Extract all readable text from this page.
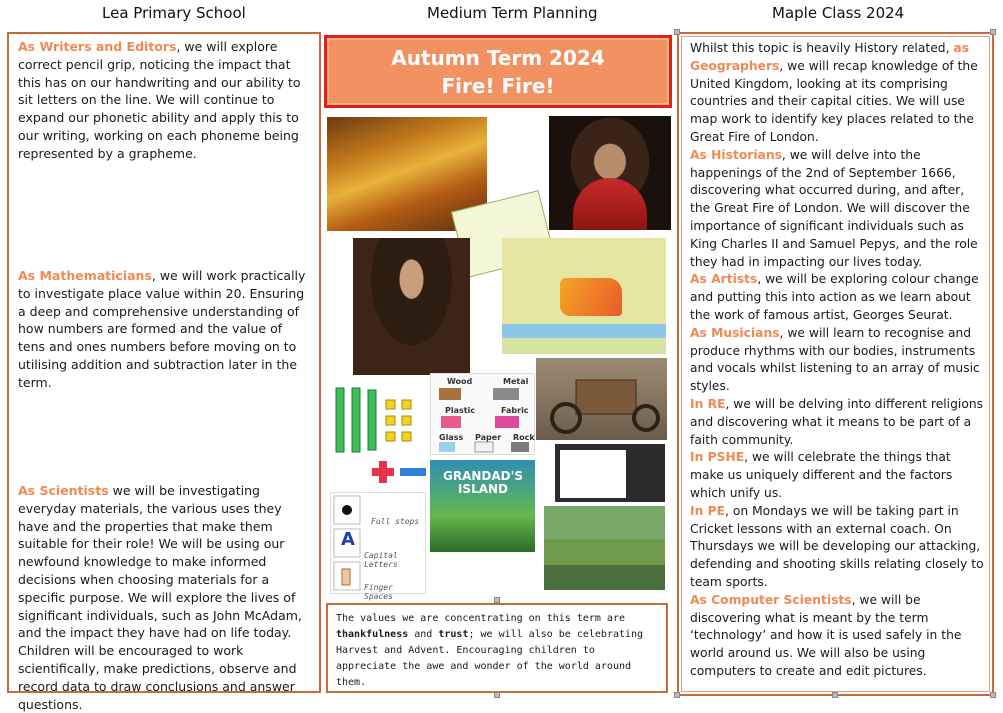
Lea Primary School	Medium Term Planning	Maple Class 2024
As Writers and Editors, we will explore correct pencil grip, noticing the impact that this has on our handwriting and our ability to sit letters on the line. We will continue to expand our phonetic ability and apply this to our writing, working on each phoneme being represented by a grapheme.
As Mathematicians, we will work practically to investigate place value within 20. Ensuring a deep and comprehensive understanding of how numbers are formed and the value of tens and ones numbers before moving on to utilising addition and subtraction later in the term.
As Scientists we will be investigating everyday materials, the various uses they have and the properties that make them suitable for their role! We will be using our newfound knowledge to make informed decisions when choosing materials for a specific purpose. We will explore the lives of significant individuals, such as John McAdam, and the impact they have had on life today. Children will be encouraged to work scientifically, make predictions, observe and record data to draw conclusions and answer questions.
Autumn Term 2024
Fire! Fire!
Wood	Metal
Plastic	Fabric
Glass Paper Rock
GRANDAD'S ISLAND
Full stops
A
Capital Letters
Finger Spaces
The values we are concentrating on this term are thankfulness and trust; we will also be celebrating Harvest and Advent. Encouraging children to appreciate the awe and wonder of the world around them.

Whilst this topic is heavily History related, as Geographers, we will recap knowledge of the United Kingdom, looking at its comprising countries and their capital cities. We will use map work to identify key places related to the Great Fire of London.

As Historians, we will delve into the happenings of the 2nd of September 1666, discovering what occurred during, and after, the Great Fire of London. We will discover the importance of significant individuals such as King Charles II and Samuel Pepys, and the role they had in impacting our lives today.

As Artists, we will be exploring colour change and putting this into action as we learn about the work of famous artist, Georges Seurat.

As Musicians, we will learn to recognise and produce rhythms with our bodies, instruments and vocals whilst listening to an array of music styles.

In RE, we will be delving into different religions and discovering what it means to be part of a faith community.

In PSHE, we will celebrate the things that make us uniquely different and the factors which unify us.

In PE, on Mondays we will be taking part in Cricket lessons with an external coach. On Thursdays we will be developing our attacking, defending and shooting skills relating closely to team sports.

As Computer Scientists, we will be discovering what is meant by the term ‘technology’ and how it is used safely in the world around us. We will also be using computers to create and edit pictures.
